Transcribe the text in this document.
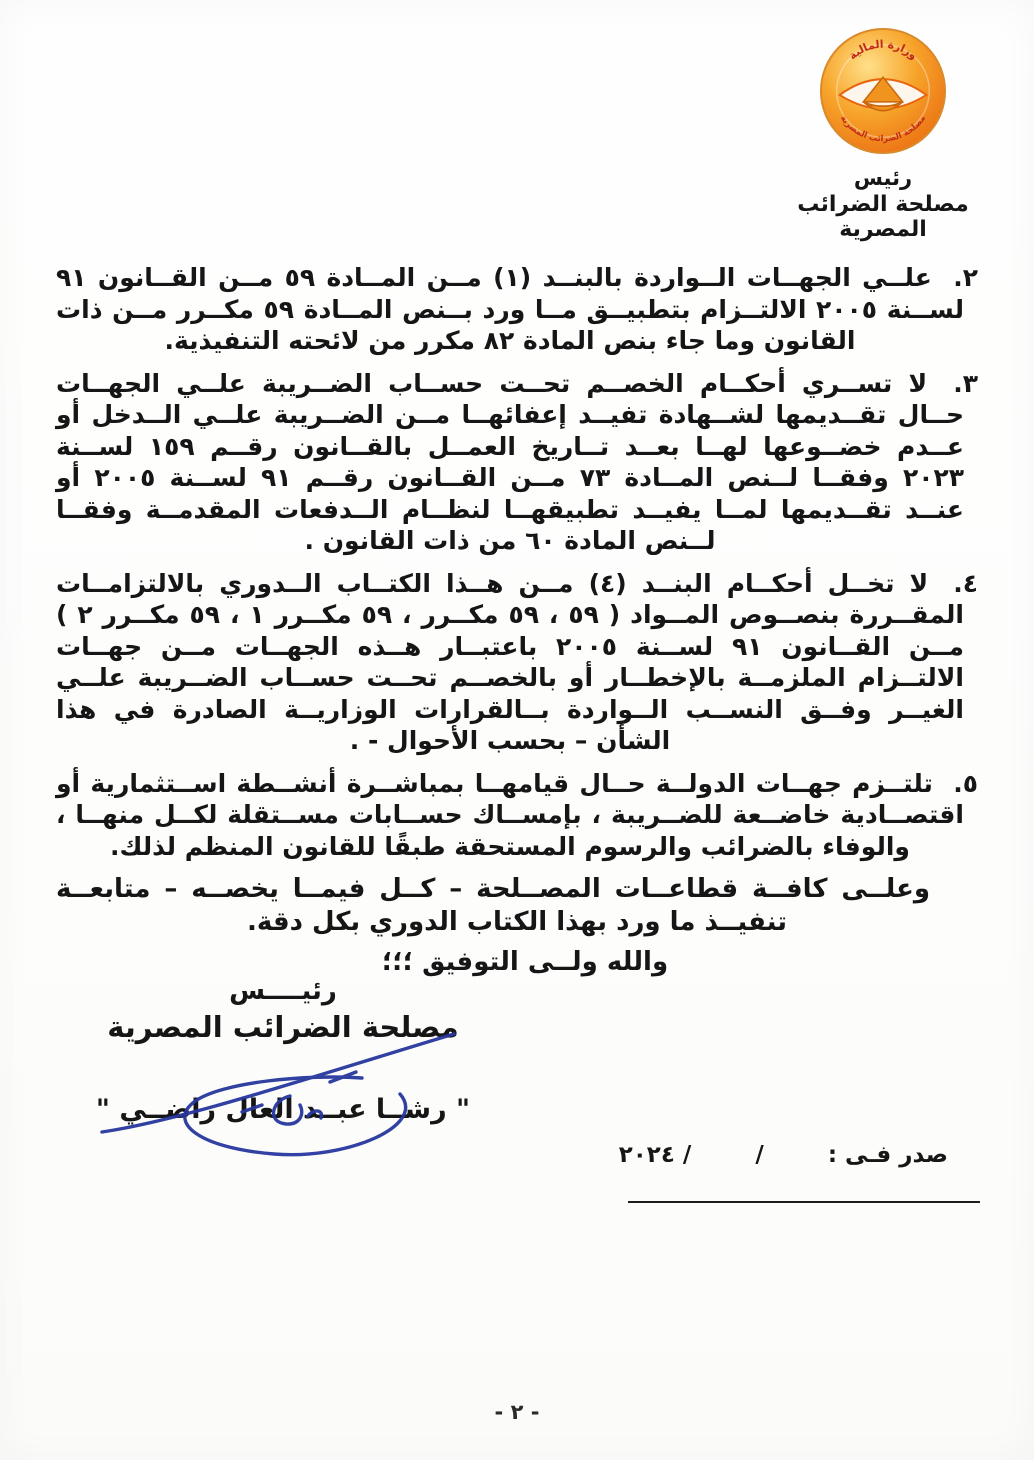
وزارة المالية
مصلحة الضرائب المصرية
رئيس
مصلحة الضرائب المصرية
٢. علــي الجهــات الــواردة بالبنــد (١) مــن المــادة ٥٩ مــن القــانون ٩١ لســنة ٢٠٠٥ الالتــزام بتطبيــق مــا ورد بــنص المــادة ٥٩ مكــرر مــن ذات القانون وما جاء بنص المادة ٨٢ مكرر من لائحته التنفيذية.
٣. لا تســري أحكــام الخصــم تحــت حســاب الضــريبة علــي الجهــات حــال تقــديمها لشــهادة تفيــد إعفائهــا مــن الضــريبة علــي الــدخل أو عــدم خضــوعها لهــا بعــد تــاريخ العمــل بالقــانون رقــم ١٥٩ لســنة ٢٠٢٣ وفقــا لــنص المــادة ٧٣ مــن القــانون رقــم ٩١ لســنة ٢٠٠٥ أو عنــد تقــديمها لمــا يفيــد تطبيقهــا لنظــام الــدفعات المقدمــة وفقــا لــنص المادة ٦٠ من ذات القانون .
٤. لا تخــل أحكــام البنــد (٤) مــن هــذا الكتــاب الــدوري بالالتزامــات المقــررة بنصــوص المــواد ( ٥٩ ، ٥٩ مكــرر ، ٥٩ مكــرر ١ ، ٥٩ مكــرر ٢ ) مــن القــانون ٩١ لســنة ٢٠٠٥ باعتبــار هــذه الجهــات مــن جهــات الالتــزام الملزمــة بالإخطــار أو بالخصــم تحــت حســاب الضــريبة علــي الغيــر وفــق النســب الــواردة بــالقرارات الوزاريــة الصادرة في هذا الشأن – بحسب الأحوال - .
٥. تلتــزم جهــات الدولــة حــال قيامهــا بمباشــرة أنشــطة اســتثمارية أو اقتصــادية خاضــعة للضــريبة ، بإمســاك حســابات مســتقلة لكــل منهــا ، والوفاء بالضرائب والرسوم المستحقة طبقًا للقانون المنظم لذلك.

وعلــى كافــة قطاعــات المصــلحة – كــل فيمــا يخصــه – متابعــة تنفيــذ ما ورد بهذا الكتاب الدوري بكل دقة.

والله ولــى التوفيق ؛؛؛

رئيــــس
مصلحة الضرائب المصرية
" رشــا عبــد العال راضــي "

صدر فـى :        /        / ٢٠٢٤

- ٢ -
